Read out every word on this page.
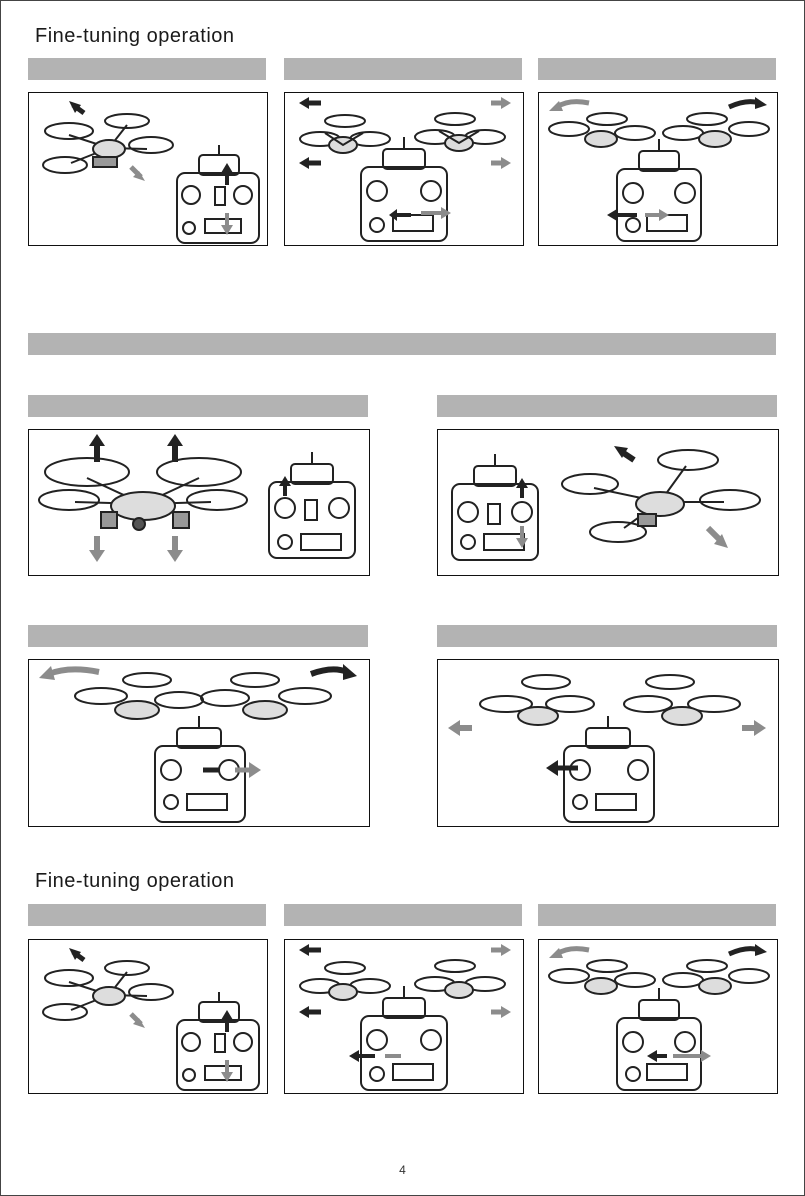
Fine-tuning operation
Fine-tuning operation
4
